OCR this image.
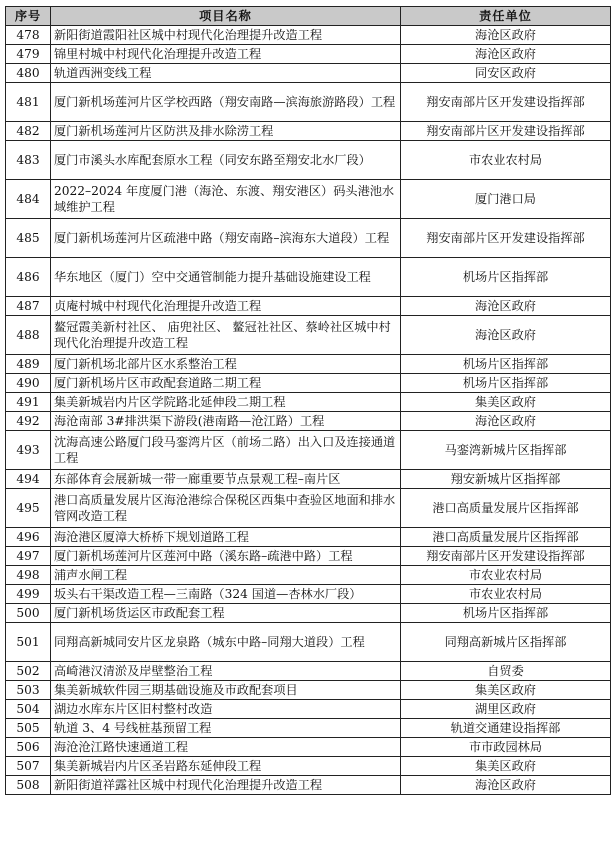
序号	项目名称	责任单位
478	新阳街道霞阳社区城中村现代化治理提升改造工程	海沧区政府
479	锦里村城中村现代化治理提升改造工程	海沧区政府
480	轨道西洲变线工程	同安区政府
481	厦门新机场莲河片区学校西路（翔安南路—滨海旅游路段）工程	翔安南部片区开发建设指挥部
482	厦门新机场莲河片区防洪及排水除涝工程	翔安南部片区开发建设指挥部
483	厦门市溪头水库配套原水工程（同安东路至翔安北水厂段）	市农业农村局
484	2022–2024 年度厦门港（海沧、东渡、翔安港区）码头港池水域维护工程	厦门港口局
485	厦门新机场莲河片区疏港中路（翔安南路–滨海东大道段）工程	翔安南部片区开发建设指挥部
486	华东地区（厦门）空中交通管制能力提升基础设施建设工程	机场片区指挥部
487	贞庵村城中村现代化治理提升改造工程	海沧区政府
488	鳌冠霞美新村社区、 庙兜社区、 鳌冠社社区、蔡岭社区城中村现代化治理提升改造工程	海沧区政府
489	厦门新机场北部片区水系整治工程	机场片区指挥部
490	厦门新机场片区市政配套道路二期工程	机场片区指挥部
491	集美新城岩内片区学院路北延伸段二期工程	集美区政府
492	海沧南部 3#排洪渠下游段(港南路—沧江路）工程	海沧区政府
493	沈海高速公路厦门段马銮湾片区（前场二路）出入口及连接通道工程	马銮湾新城片区指挥部
494	东部体育会展新城一带一廊重要节点景观工程–南片区	翔安新城片区指挥部
495	港口高质量发展片区海沧港综合保税区西集中查验区地面和排水管网改造工程	港口高质量发展片区指挥部
496	海沧港区厦漳大桥桥下规划道路工程	港口高质量发展片区指挥部
497	厦门新机场莲河片区莲河中路（溪东路–疏港中路）工程	翔安南部片区开发建设指挥部
498	浦声水闸工程	市农业农村局
499	坂头右干渠改造工程—三南路（324 国道—杏林水厂段）	市农业农村局
500	厦门新机场货运区市政配套工程	机场片区指挥部
501	同翔高新城同安片区龙泉路（城东中路–同翔大道段）工程	同翔高新城片区指挥部
502	高崎港汉清淤及岸壁整治工程	自贸委
503	集美新城软件园三期基础设施及市政配套项目	集美区政府
504	湖边水库东片区旧村整村改造	湖里区政府
505	轨道 3、4 号线桩基预留工程	轨道交通建设指挥部
506	海沧沧江路快速通道工程	市市政园林局
507	集美新城岩内片区圣岩路东延伸段工程	集美区政府
508	新阳街道祥露社区城中村现代化治理提升改造工程	海沧区政府
